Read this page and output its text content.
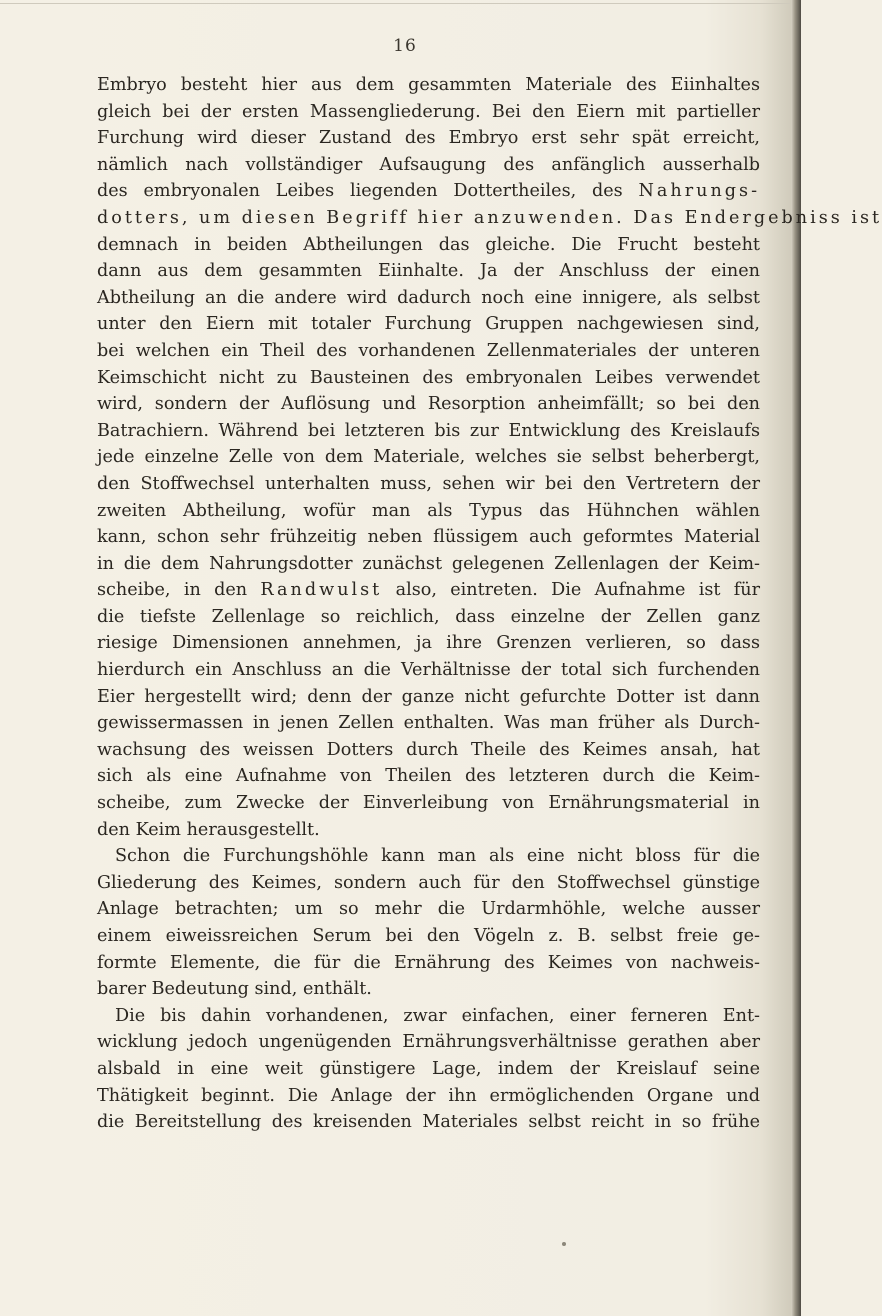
16
Embryo besteht hier aus dem gesammten Materiale des Eiinhaltes
gleich bei der ersten Massengliederung. Bei den Eiern mit partieller
Furchung wird dieser Zustand des Embryo erst sehr spät erreicht,
nämlich nach vollständiger Aufsaugung des anfänglich ausserhalb
des embryonalen Leibes liegenden Dottertheiles, des Nahrungs-
dotters, um diesen Begriff hier anzuwenden. Das Endergebniss ist
demnach in beiden Abtheilungen das gleiche. Die Frucht besteht
dann aus dem gesammten Eiinhalte. Ja der Anschluss der einen
Abtheilung an die andere wird dadurch noch eine innigere, als selbst
unter den Eiern mit totaler Furchung Gruppen nachgewiesen sind,
bei welchen ein Theil des vorhandenen Zellenmateriales der unteren
Keimschicht nicht zu Bausteinen des embryonalen Leibes verwendet
wird, sondern der Auflösung und Resorption anheimfällt; so bei den
Batrachiern. Während bei letzteren bis zur Entwicklung des Kreislaufs
jede einzelne Zelle von dem Materiale, welches sie selbst beherbergt,
den Stoffwechsel unterhalten muss, sehen wir bei den Vertretern der
zweiten Abtheilung, wofür man als Typus das Hühnchen wählen
kann, schon sehr frühzeitig neben flüssigem auch geformtes Material
in die dem Nahrungsdotter zunächst gelegenen Zellenlagen der Keim-
scheibe, in den Randwulst also, eintreten. Die Aufnahme ist für
die tiefste Zellenlage so reichlich, dass einzelne der Zellen ganz
riesige Dimensionen annehmen, ja ihre Grenzen verlieren, so dass
hierdurch ein Anschluss an die Verhältnisse der total sich furchenden
Eier hergestellt wird; denn der ganze nicht gefurchte Dotter ist dann
gewissermassen in jenen Zellen enthalten. Was man früher als Durch-
wachsung des weissen Dotters durch Theile des Keimes ansah, hat
sich als eine Aufnahme von Theilen des letzteren durch die Keim-
scheibe, zum Zwecke der Einverleibung von Ernährungsmaterial in
den Keim herausgestellt.
Schon die Furchungshöhle kann man als eine nicht bloss für die
Gliederung des Keimes, sondern auch für den Stoffwechsel günstige
Anlage betrachten; um so mehr die Urdarmhöhle, welche ausser
einem eiweissreichen Serum bei den Vögeln z. B. selbst freie ge-
formte Elemente, die für die Ernährung des Keimes von nachweis-
barer Bedeutung sind, enthält.
Die bis dahin vorhandenen, zwar einfachen, einer ferneren Ent-
wicklung jedoch ungenügenden Ernährungsverhältnisse gerathen aber
alsbald in eine weit günstigere Lage, indem der Kreislauf seine
Thätigkeit beginnt. Die Anlage der ihn ermöglichenden Organe und
die Bereitstellung des kreisenden Materiales selbst reicht in so frühe
